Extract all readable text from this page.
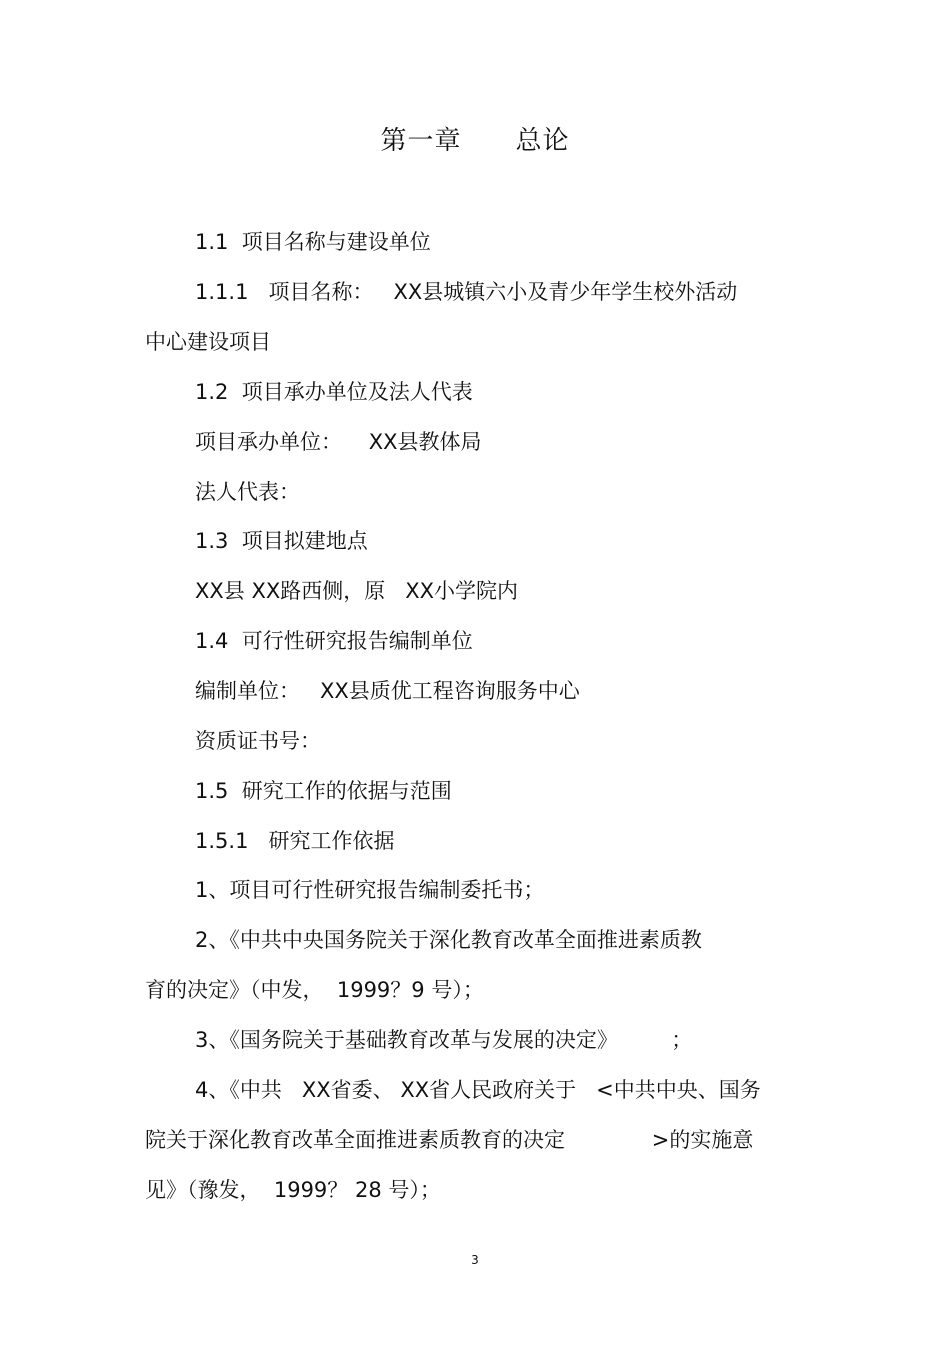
第一章　　总论
1.1  项目名称与建设单位
1.1.1   项目名称：   XX县城镇六小及青少年学生校外活动
中心建设项目
1.2  项目承办单位及法人代表
项目承办单位：    XX县教体局
法人代表：
1.3  项目拟建地点
XX县 XX路西侧，原   XX小学院内
1.4  可行性研究报告编制单位
编制单位：   XX县质优工程咨询服务中心
资质证书号：
1.5  研究工作的依据与范围
1.5.1   研究工作依据
1、项目可行性研究报告编制委托书；
2、《中共中央国务院关于深化教育改革全面推进素质教
育的决定》（中发，  1999？9 号）；
3、《国务院关于基础教育改革与发展的决定》        ；
4、《中共   XX省委、 XX省人民政府关于   <中共中央、国务
院关于深化教育改革全面推进素质教育的决定             >的实施意
见》（豫发，  1999？ 28 号）；
3
